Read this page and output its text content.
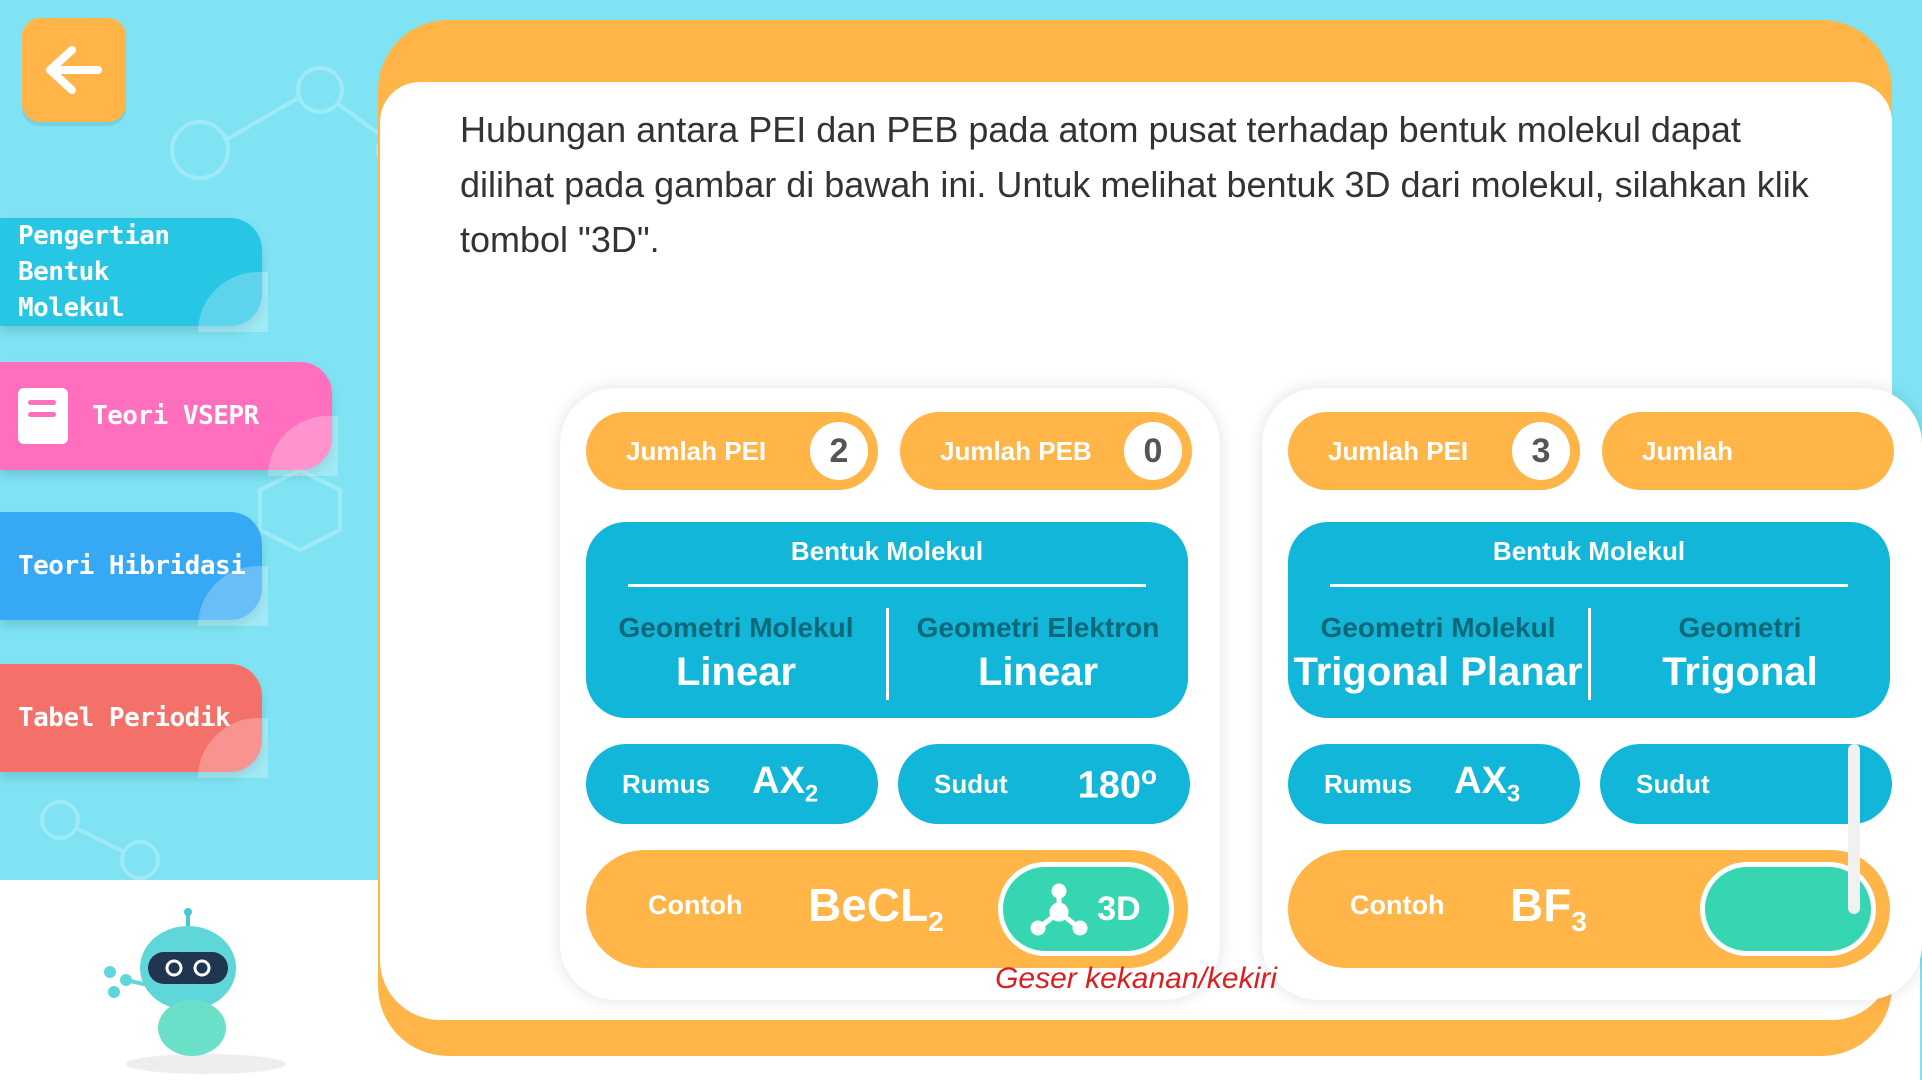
Pengertian Bentuk Molekul
Teori VSEPR
Teori Hibridasi
Tabel Periodik

Hubungan antara PEI dan PEB pada atom pusat terhadap bentuk molekul dapat dilihat pada gambar di bawah ini. Untuk melihat bentuk 3D dari molekul, silahkan klik tombol "3D".

Jumlah PEI	2	Jumlah PEB	0
Bentuk Molekul
Geometri Molekul
Linear
Geometri Elektron
Linear
Rumus $AX_2$	Sudut 180$^o$
Contoh BeCL$_2$	3D
Jumlah PEI	3	Jumlah
Bentuk Molekul
Geometri Molekul
Trigonal Planar
Geometri
Trigonal
Rumus $AX_3$	Sudut
Contoh $BF_3$
Geser kekanan/kekiri
